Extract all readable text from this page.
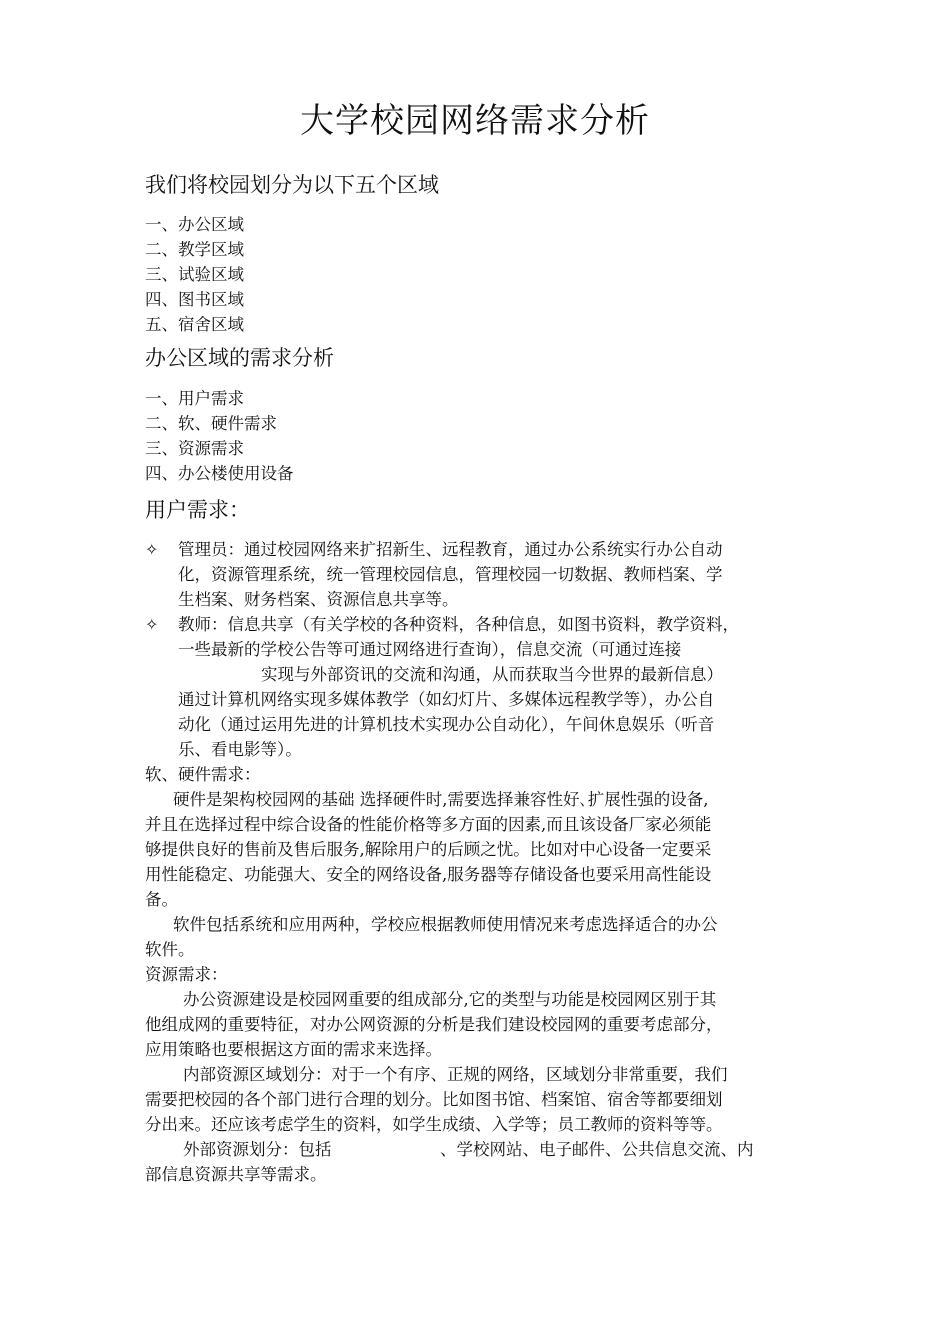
大学校园网络需求分析
我们将校园划分为以下五个区域
一、办公区域
二、教学区域
三、试验区域
四、图书区域
五、宿舍区域
办公区域的需求分析
一、用户需求
二、软、硬件需求
三、资源需求
四、办公楼使用设备
用户需求：
✧ 管理员：通过校园网络来扩招新生、远程教育，通过办公系统实行办公自动
化，资源管理系统，统一管理校园信息，管理校园一切数据、教师档案、学
生档案、财务档案、资源信息共享等。
✧ 教师：信息共享（有关学校的各种资料，各种信息，如图书资料，教学资料，
一些最新的学校公告等可通过网络进行查询），信息交流（可通过连接
实现与外部资讯的交流和沟通，从而获取当今世界的最新信息）
通过计算机网络实现多媒体教学（如幻灯片、多媒体远程教学等），办公自
动化（通过运用先进的计算机技术实现办公自动化），午间休息娱乐（听音
乐、看电影等）。
软、硬件需求：
硬件是架构校园网的基础 选择硬件时,需要选择兼容性好､扩展性强的设备,
并且在选择过程中综合设备的性能价格等多方面的因素,而且该设备厂家必须能
够提供良好的售前及售后服务,解除用户的后顾之忧。比如对中心设备一定要采
用性能稳定、功能强大、安全的网络设备,服务器等存储设备也要采用高性能设
备。
软件包括系统和应用两种，学校应根据教师使用情况来考虑选择适合的办公
软件。
资源需求：
办公资源建设是校园网重要的组成部分,它的类型与功能是校园网区别于其
他组成网的重要特征，对办公网资源的分析是我们建设校园网的重要考虑部分，
应用策略也要根据这方面的需求来选择。
内部资源区域划分：对于一个有序、正规的网络，区域划分非常重要，我们
需要把校园的各个部门进行合理的划分。比如图书馆、档案馆、宿舍等都要细划
分出来。还应该考虑学生的资料，如学生成绩、入学等；员工教师的资料等等。
外部资源划分：包括	、学校网站、电子邮件、公共信息交流、内
部信息资源共享等需求。
